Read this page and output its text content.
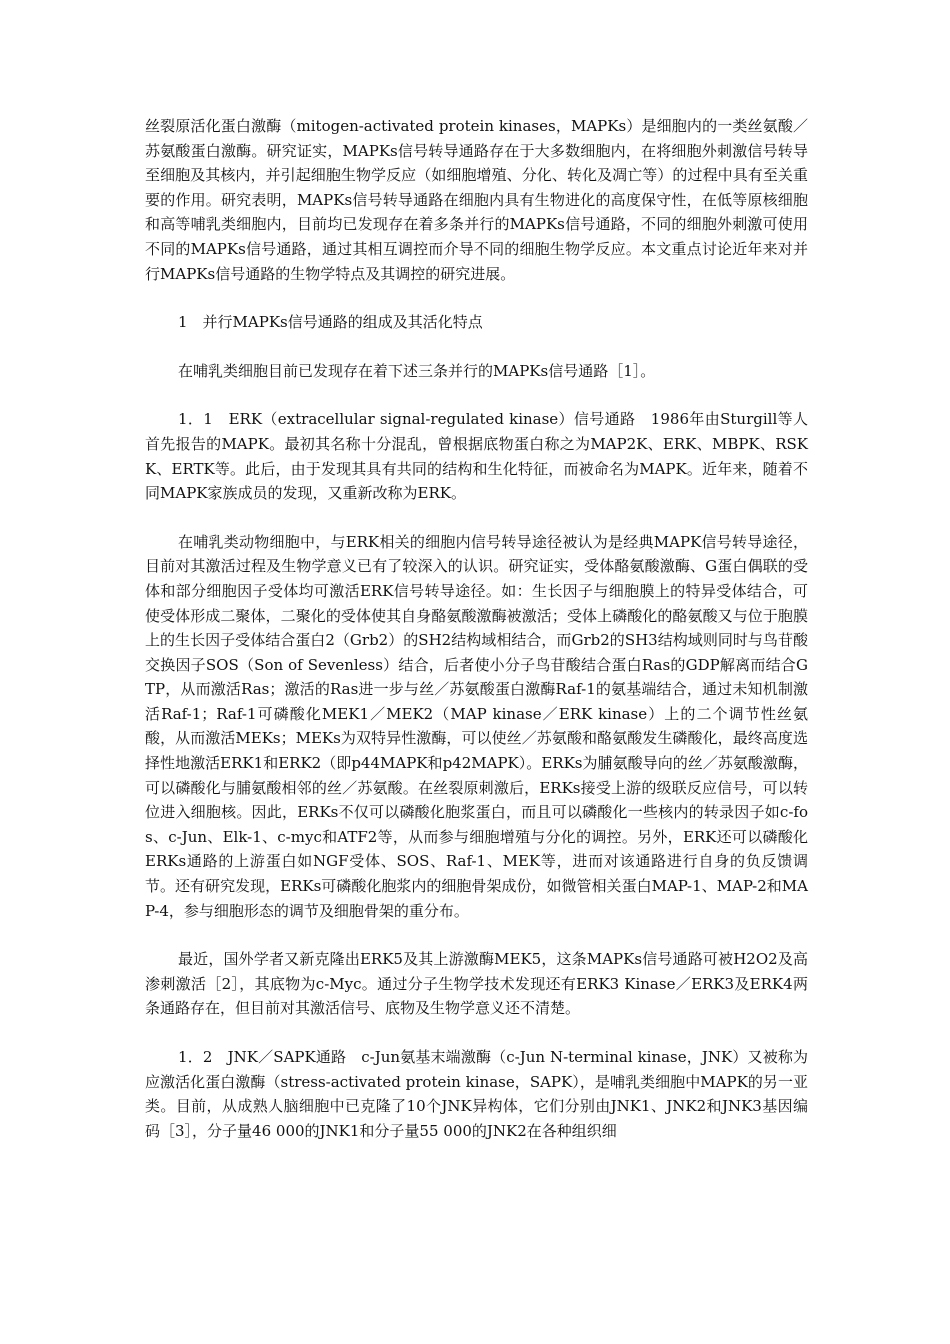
丝裂原活化蛋白激酶（mitogen-activated protein kinases，MAPKs）是细胞内的一类丝氨酸／苏氨酸蛋白激酶。研究证实，MAPKs信号转导通路存在于大多数细胞内，在将细胞外刺激信号转导至细胞及其核内，并引起细胞生物学反应（如细胞增殖、分化、转化及凋亡等）的过程中具有至关重要的作用。研究表明，MAPKs信号转导通路在细胞内具有生物进化的高度保守性，在低等原核细胞和高等哺乳类细胞内，目前均已发现存在着多条并行的MAPKs信号通路，不同的细胞外刺激可使用不同的MAPKs信号通路，通过其相互调控而介导不同的细胞生物学反应。本文重点讨论近年来对并行MAPKs信号通路的生物学特点及其调控的研究进展。

1　并行MAPKs信号通路的组成及其活化特点

在哺乳类细胞目前已发现存在着下述三条并行的MAPKs信号通路［1］。

1．1　ERK（extracellular signal-regulated kinase）信号通路　1986年由Sturgill等人首先报告的MAPK。最初其名称十分混乱，曾根据底物蛋白称之为MAP2K、ERK、MBPK、RSKK、ERTK等。此后，由于发现其具有共同的结构和生化特征，而被命名为MAPK。近年来，随着不同MAPK家族成员的发现，又重新改称为ERK。

在哺乳类动物细胞中，与ERK相关的细胞内信号转导途径被认为是经典MAPK信号转导途径，目前对其激活过程及生物学意义已有了较深入的认识。研究证实，受体酪氨酸激酶、G蛋白偶联的受体和部分细胞因子受体均可激活ERK信号转导途径。如：生长因子与细胞膜上的特异受体结合，可使受体形成二聚体，二聚化的受体使其自身酪氨酸激酶被激活；受体上磷酸化的酪氨酸又与位于胞膜上的生长因子受体结合蛋白2（Grb2）的SH2结构域相结合，而Grb2的SH3结构域则同时与鸟苷酸交换因子SOS（Son of Sevenless）结合，后者使小分子鸟苷酸结合蛋白Ras的GDP解离而结合GTP，从而激活Ras；激活的Ras进一步与丝／苏氨酸蛋白激酶Raf-1的氨基端结合，通过未知机制激活Raf-1；Raf-1可磷酸化MEK1／MEK2（MAP kinase／ERK kinase）上的二个调节性丝氨酸，从而激活MEKs；MEKs为双特异性激酶，可以使丝／苏氨酸和酪氨酸发生磷酸化，最终高度选择性地激活ERK1和ERK2（即p44MAPK和p42MAPK）。ERKs为脯氨酸导向的丝／苏氨酸激酶，可以磷酸化与脯氨酸相邻的丝／苏氨酸。在丝裂原刺激后，ERKs接受上游的级联反应信号，可以转位进入细胞核。因此，ERKs不仅可以磷酸化胞浆蛋白，而且可以磷酸化一些核内的转录因子如c-fos、c-Jun、Elk-1、c-myc和ATF2等，从而参与细胞增殖与分化的调控。另外，ERK还可以磷酸化ERKs通路的上游蛋白如NGF受体、SOS、Raf-1、MEK等，进而对该通路进行自身的负反馈调节。还有研究发现，ERKs可磷酸化胞浆内的细胞骨架成份，如微管相关蛋白MAP-1、MAP-2和MAP-4，参与细胞形态的调节及细胞骨架的重分布。

最近，国外学者又新克隆出ERK5及其上游激酶MEK5，这条MAPKs信号通路可被H2O2及高渗刺激活［2］，其底物为c-Myc。通过分子生物学技术发现还有ERK3 Kinase／ERK3及ERK4两条通路存在，但目前对其激活信号、底物及生物学意义还不清楚。

1．2　JNK／SAPK通路　c-Jun氨基末端激酶（c-Jun N-terminal kinase，JNK）又被称为应激活化蛋白激酶（stress-activated protein kinase，SAPK），是哺乳类细胞中MAPK的另一亚类。目前，从成熟人脑细胞中已克隆了10个JNK异构体，它们分别由JNK1、JNK2和JNK3基因编码［3］，分子量46 000的JNK1和分子量55 000的JNK2在各种组织细
